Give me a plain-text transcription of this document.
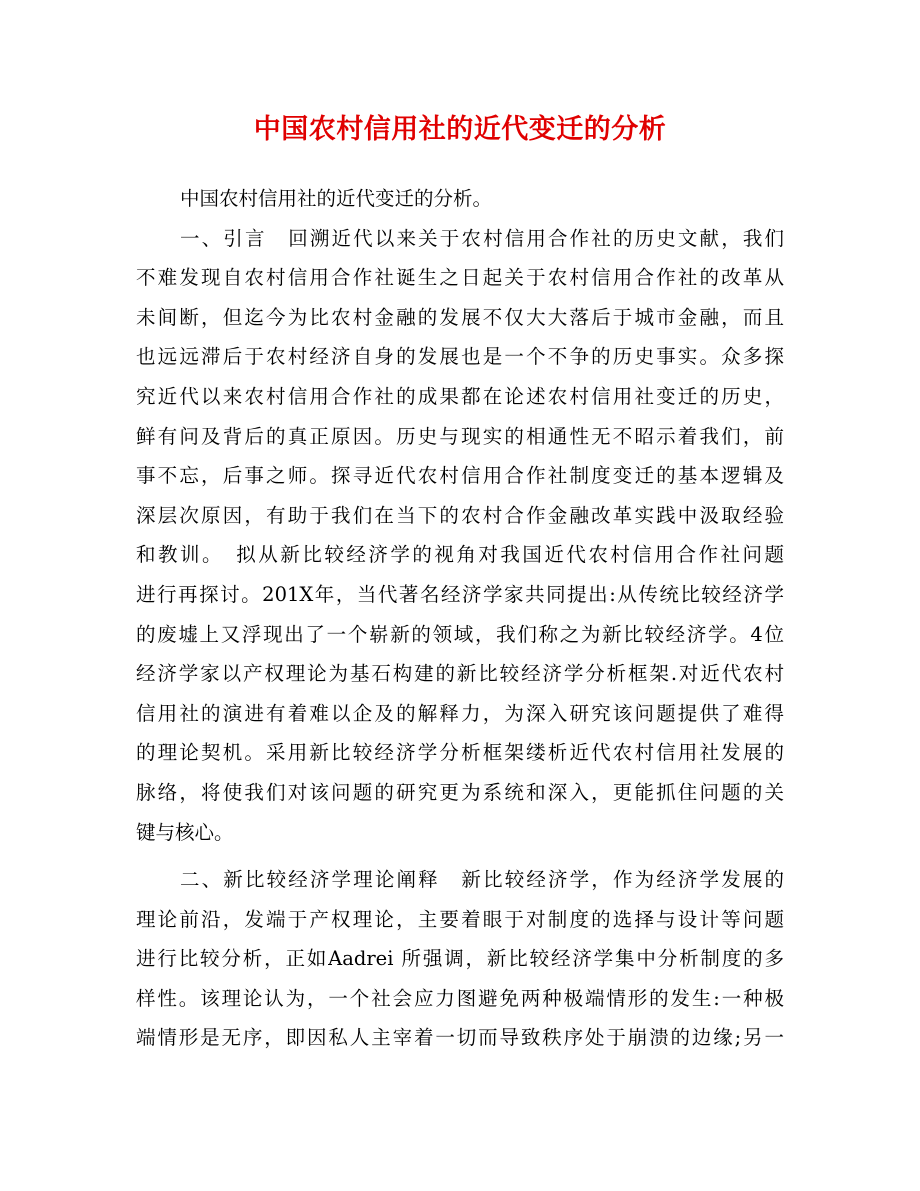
中国农村信用社的近代变迁的分析
中国农村信用社的近代变迁的分析。
一、引言　回溯近代以来关于农村信用合作社的历史文献，我们
不难发现自农村信用合作社诞生之日起关于农村信用合作社的改革从
未间断，但迄今为比农村金融的发展不仅大大落后于城市金融，而且
也远远滞后于农村经济自身的发展也是一个不争的历史事实。众多探
究近代以来农村信用合作社的成果都在论述农村信用社变迁的历史，
鲜有问及背后的真正原因。历史与现实的相通性无不昭示着我们，前
事不忘，后事之师。探寻近代农村信用合作社制度变迁的基本逻辑及
深层次原因，有助于我们在当下的农村合作金融改革实践中汲取经验
和教训。　拟从新比较经济学的视角对我国近代农村信用合作社问题
进行再探讨。201X年，当代著名经济学家共同提出:从传统比较经济学
的废墟上又浮现出了一个崭新的领域，我们称之为新比较经济学。4位
经济学家以产权理论为基石构建的新比较经济学分析框架.对近代农村
信用社的演进有着难以企及的解释力，为深入研究该问题提供了难得
的理论契机。采用新比较经济学分析框架缕析近代农村信用社发展的
脉络，将使我们对该问题的研究更为系统和深入，更能抓住问题的关
键与核心。
二、新比较经济学理论阐释　新比较经济学，作为经济学发展的
理论前沿，发端于产权理论，主要着眼于对制度的选择与设计等问题
进行比较分析，正如Aadrei 所强调，新比较经济学集中分析制度的多
样性。该理论认为，一个社会应力图避免两种极端情形的发生:一种极
端情形是无序，即因私人主宰着一切而导致秩序处于崩溃的边缘;另一
